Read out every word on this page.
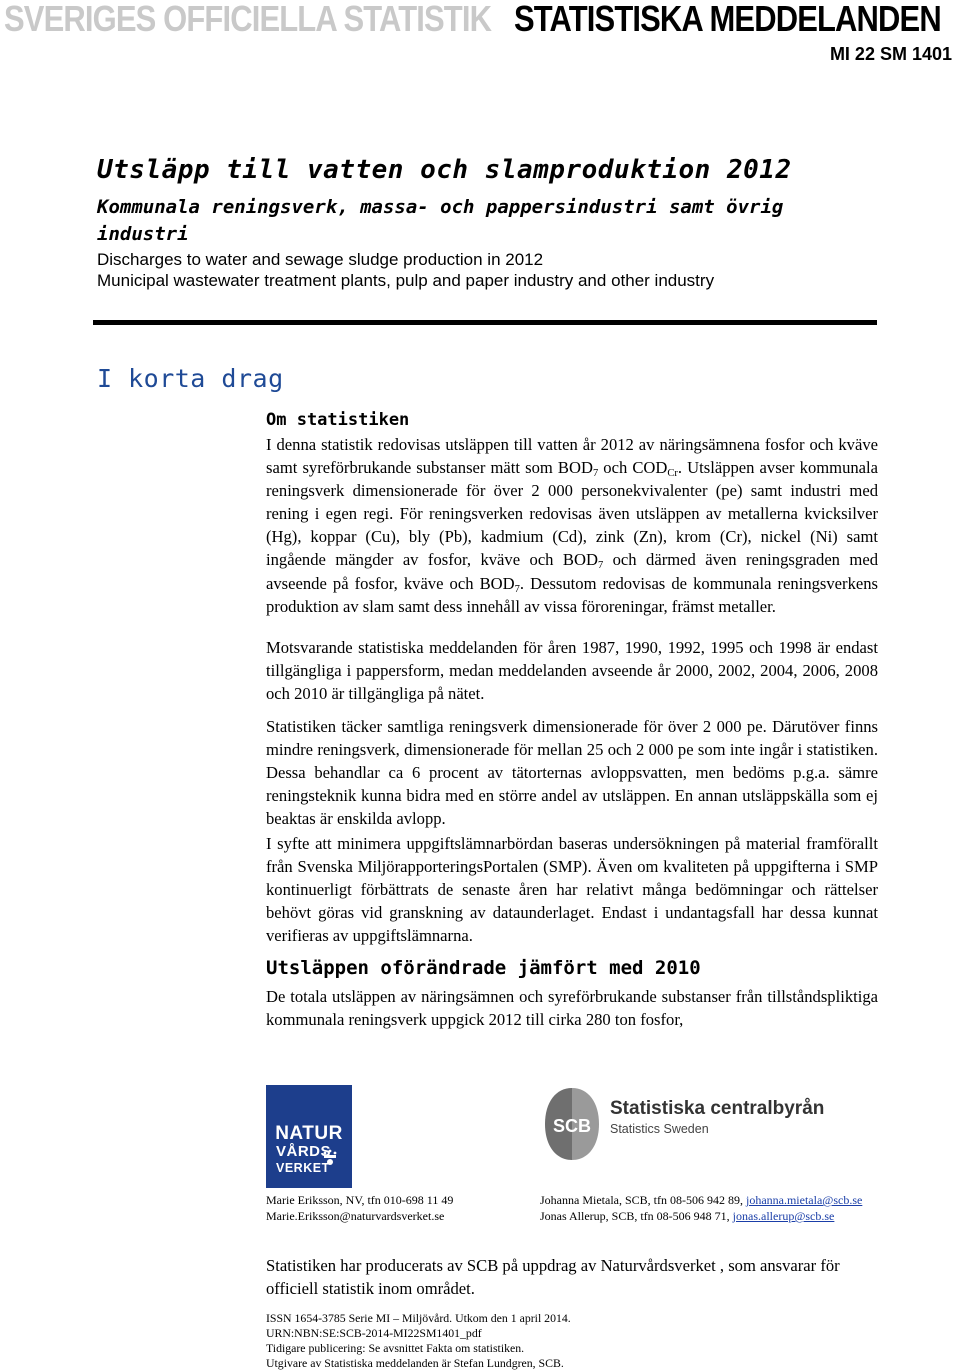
SVERIGES OFFICIELLA STATISTIK STATISTISKA MEDDELANDEN
MI 22 SM 1401
Utsläpp till vatten och slamproduktion 2012
Kommunala reningsverk, massa- och pappersindustri samt övrig industri
Discharges to water and sewage sludge production in 2012
Municipal wastewater treatment plants, pulp and paper industry and other industry
I korta drag
Om statistiken
I denna statistik redovisas utsläppen till vatten år 2012 av näringsämnena fosfor och kväve samt syreförbrukande substanser mätt som $BOD_7$ och $COD_{Cr}$. Utsläppen avser kommunala reningsverk dimensionerade för över 2 000 personekvivalenter (pe) samt industri med rening i egen regi. För reningsverken redovisas även utsläppen av metallerna kvicksilver (Hg), koppar (Cu), bly (Pb), kadmium (Cd), zink (Zn), krom (Cr), nickel (Ni) samt ingående mängder av fosfor, kväve och $BOD_7$ och därmed även reningsgraden med avseende på fosfor, kväve och $BOD_7$. Dessutom redovisas de kommunala reningsverkens produktion av slam samt dess innehåll av vissa föroreningar, främst metaller.
Motsvarande statistiska meddelanden för åren 1987, 1990, 1992, 1995 och 1998 är endast tillgängliga i pappersform, medan meddelanden avseende år 2000, 2002, 2004, 2006, 2008 och 2010 är tillgängliga på nätet.
Statistiken täcker samtliga reningsverk dimensionerade för över 2 000 pe. Därutöver finns mindre reningsverk, dimensionerade för mellan 25 och 2 000 pe som inte ingår i statistiken. Dessa behandlar ca 6 procent av tätorternas avloppsvatten, men bedöms p.g.a. sämre reningsteknik kunna bidra med en större andel av utsläppen. En annan utsläppskälla som ej beaktas är enskilda avlopp.
I syfte att minimera uppgiftslämnarbördan baseras undersökningen på material framförallt från Svenska MiljörapporteringsPortalen (SMP). Även om kvaliteten på uppgifterna i SMP kontinuerligt förbättrats de senaste åren har relativt många bedömningar och rättelser behövt göras vid granskning av dataunderlaget. Endast i undantagsfall har dessa kunnat verifieras av uppgiftslämnarna.
Utsläppen oförändrade jämfört med 2010
De totala utsläppen av näringsämnen och syreförbrukande substanser från tillståndspliktiga kommunala reningsverk uppgick 2012 till cirka 280 ton fosfor,
NATUR
VÅRDS
VERKET
SCB
Statistiska centralbyrån
Statistics Sweden
Marie Eriksson, NV, tfn 010-698 11 49
Marie.Eriksson@naturvardsverket.se
Johanna Mietala, SCB, tfn 08-506 942 89, johanna.mietala@scb.se
Jonas Allerup, SCB, tfn 08-506 948 71, jonas.allerup@scb.se
Statistiken har producerats av SCB på uppdrag av Naturvårdsverket , som ansvarar för officiell statistik inom området.
ISSN 1654-3785 Serie MI – Miljövård. Utkom den 1 april 2014.
URN:NBN:SE:SCB-2014-MI22SM1401_pdf
Tidigare publicering: Se avsnittet Fakta om statistiken.
Utgivare av Statistiska meddelanden är Stefan Lundgren, SCB.
